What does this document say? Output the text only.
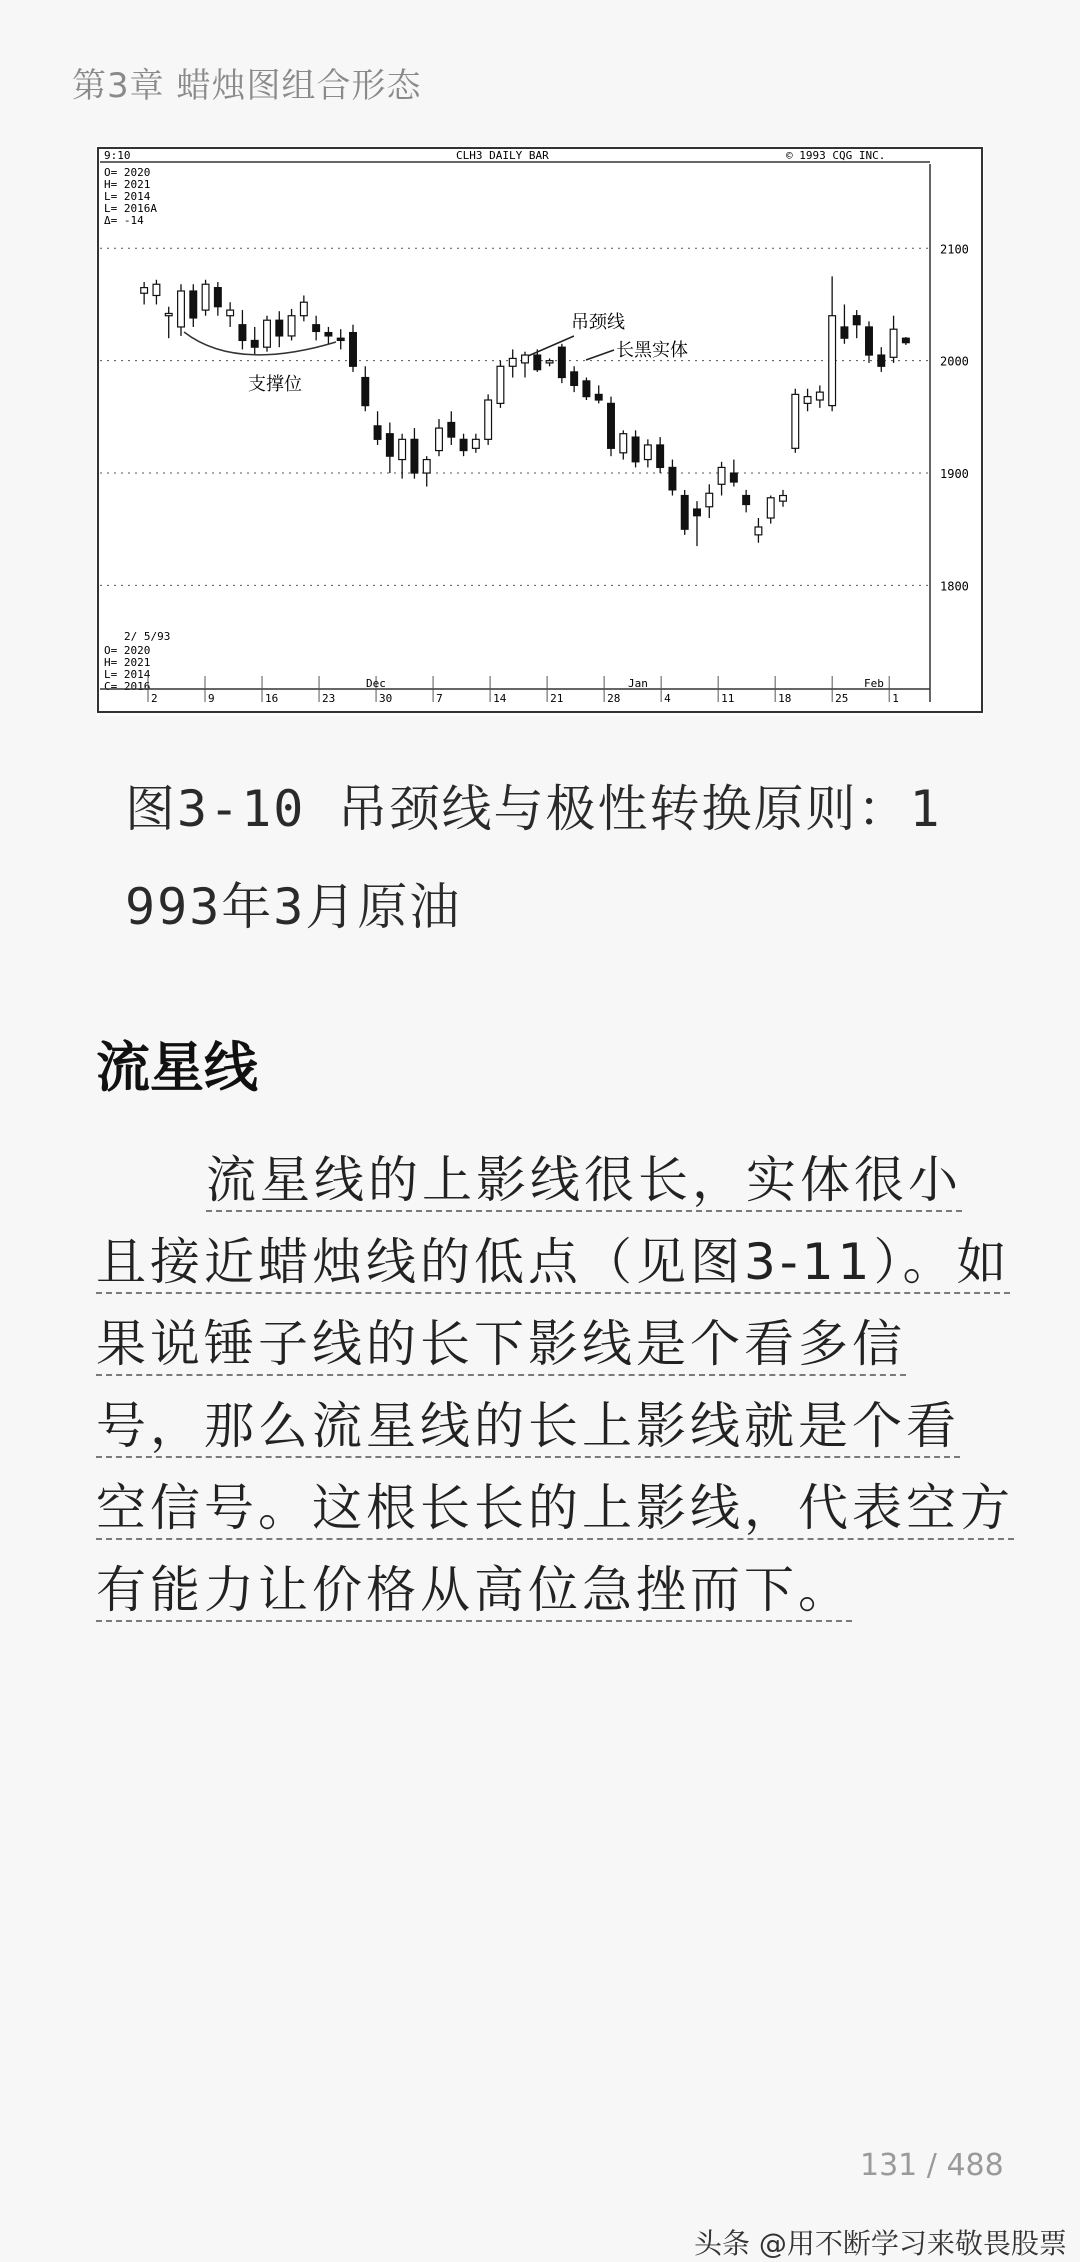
第3章 蜡烛图组合形态
9:10	CLH3 DAILY BAR	© 1993 CQG INC.
O= 2020
H= 2021
L= 2014
L= 2016A
Δ= -14
O= 2020
H= 2021
L= 2014
C= 2016
2/ 5/93
2100
2000
1900
1800
2	9	16	23	30	7	14	21	28	4	11	18	25	1
Dec	Jan	Feb
支撑位
吊颈线
长黑实体
图3-10 吊颈线与极性转换原则：1
993年3月原油
流星线
流星线的上影线很长，实体很小
且接近蜡烛线的低点（见图3-11）。如
果说锤子线的长下影线是个看多信
号，那么流星线的长上影线就是个看
空信号。这根长长的上影线，代表空方
有能力让价格从高位急挫而下。
131 / 488
头条 @用不断学习来敬畏股票
